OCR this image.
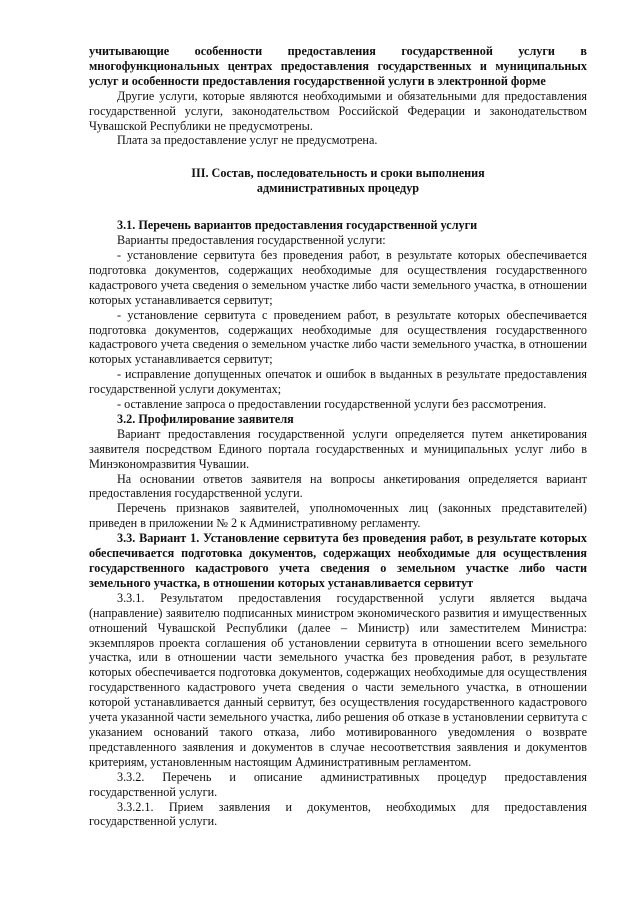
учитывающие особенности предоставления государственной услуги в многофункциональных центрах предоставления государственных и муниципальных услуг и особенности предоставления государственной услуги в электронной форме

Другие услуги, которые являются необходимыми и обязательными для предоставления государственной услуги, законодательством Российской Федерации и законодательством Чувашской Республики не предусмотрены.

Плата за предоставление услуг не предусмотрена.

III. Состав, последовательность и сроки выполнения
административных процедур

3.1. Перечень вариантов предоставления государственной услуги

Варианты предоставления государственной услуги:

- установление сервитута без проведения работ, в результате которых обеспечивается подготовка документов, содержащих необходимые для осуществления государственного кадастрового учета сведения о земельном участке либо части земельного участка, в отношении которых устанавливается сервитут;

- установление сервитута с проведением работ, в результате которых обеспечивается подготовка документов, содержащих необходимые для осуществления государственного кадастрового учета сведения о земельном участке либо части земельного участка, в отношении которых устанавливается сервитут;

- исправление допущенных опечаток и ошибок в выданных в результате предоставления государственной услуги документах;

- оставление запроса о предоставлении государственной услуги без рассмотрения.

3.2. Профилирование заявителя

Вариант предоставления государственной услуги определяется путем анкетирования заявителя посредством Единого портала государственных и муниципальных услуг либо в Минэкономразвития Чувашии.

На основании ответов заявителя на вопросы анкетирования определяется вариант предоставления государственной услуги.

Перечень признаков заявителей, уполномоченных лиц (законных представителей) приведен в приложении № 2 к Административному регламенту.

3.3. Вариант 1. Установление сервитута без проведения работ, в результате которых обеспечивается подготовка документов, содержащих необходимые для осуществления государственного кадастрового учета сведения о земельном участке либо части земельного участка, в отношении которых устанавливается сервитут

3.3.1. Результатом предоставления государственной услуги является выдача (направление) заявителю подписанных министром экономического развития и имущественных отношений Чувашской Республики (далее – Министр) или заместителем Министра: экземпляров проекта соглашения об установлении сервитута в отношении всего земельного участка, или в отношении части земельного участка без проведения работ, в результате которых обеспечивается подготовка документов, содержащих необходимые для осуществления государственного кадастрового учета сведения о части земельного участка, в отношении которой устанавливается данный сервитут, без осуществления государственного кадастрового учета указанной части земельного участка, либо решения об отказе в установлении сервитута с указанием оснований такого отказа, либо мотивированного уведомления о возврате представленного заявления и документов в случае несоответствия заявления и документов критериям, установленным настоящим Административным регламентом.

3.3.2. Перечень и описание административных процедур предоставления государственной услуги.

3.3.2.1. Прием заявления и документов, необходимых для предоставления государственной услуги.
